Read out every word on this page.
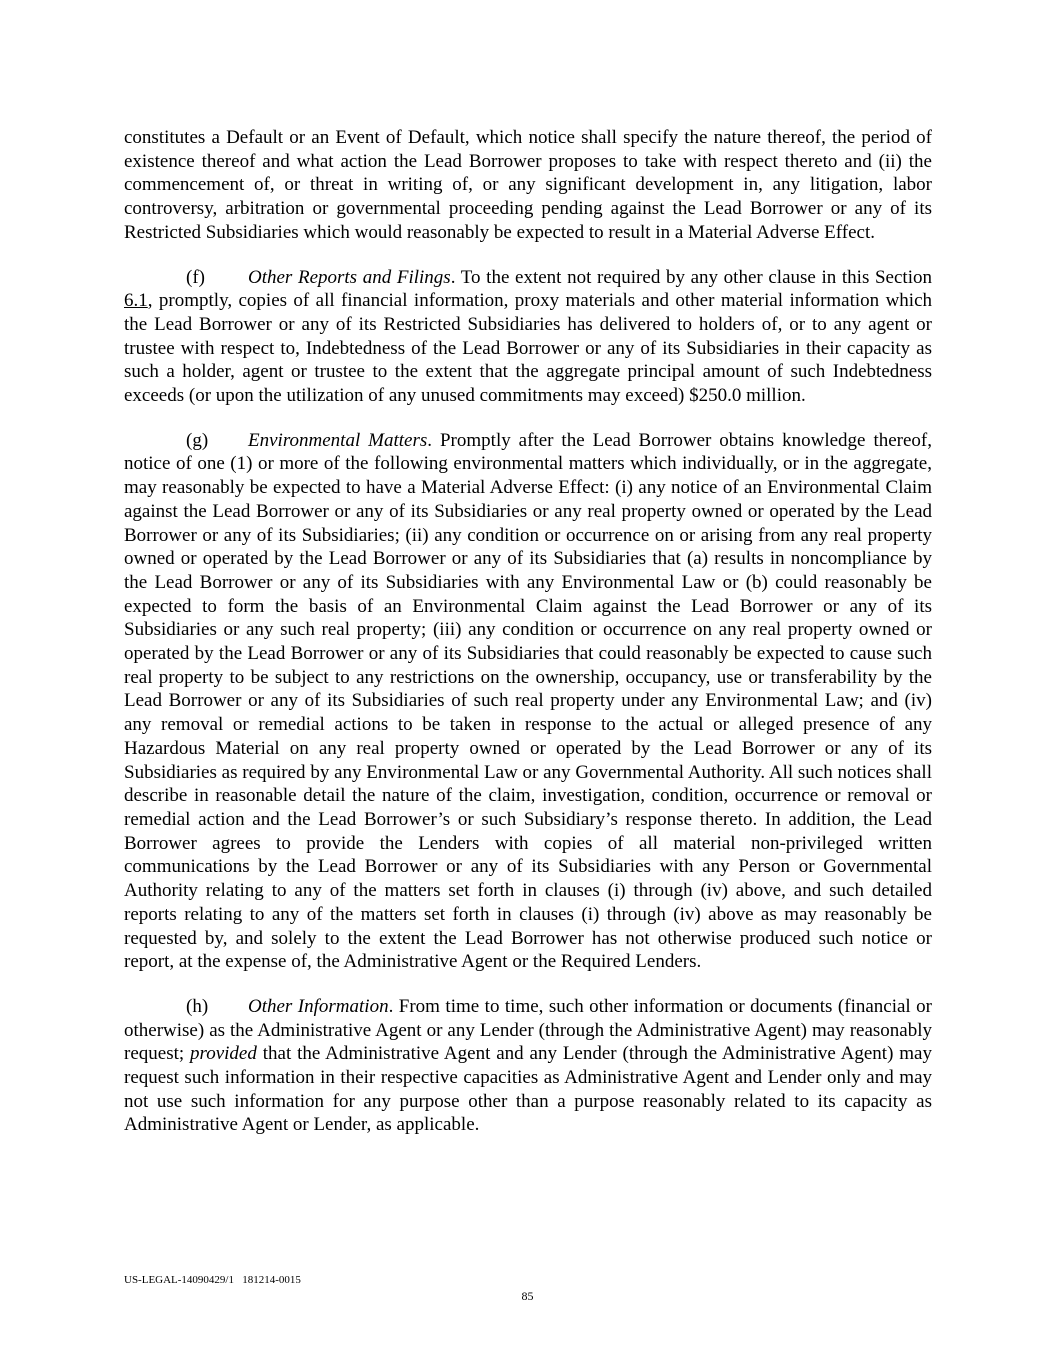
constitutes a Default or an Event of Default, which notice shall specify the nature thereof, the period of existence thereof and what action the Lead Borrower proposes to take with respect thereto and (ii) the commencement of, or threat in writing of, or any significant development in, any litigation, labor controversy, arbitration or governmental proceeding pending against the Lead Borrower or any of its Restricted Subsidiaries which would reasonably be expected to result in a Material Adverse Effect.

(f) Other Reports and Filings. To the extent not required by any other clause in this Section 6.1, promptly, copies of all financial information, proxy materials and other material information which the Lead Borrower or any of its Restricted Subsidiaries has delivered to holders of, or to any agent or trustee with respect to, Indebtedness of the Lead Borrower or any of its Subsidiaries in their capacity as such a holder, agent or trustee to the extent that the aggregate principal amount of such Indebtedness exceeds (or upon the utilization of any unused commitments may exceed) $250.0 million.

(g) Environmental Matters. Promptly after the Lead Borrower obtains knowledge thereof, notice of one (1) or more of the following environmental matters which individually, or in the aggregate, may reasonably be expected to have a Material Adverse Effect: (i) any notice of an Environmental Claim against the Lead Borrower or any of its Subsidiaries or any real property owned or operated by the Lead Borrower or any of its Subsidiaries; (ii) any condition or occurrence on or arising from any real property owned or operated by the Lead Borrower or any of its Subsidiaries that (a) results in noncompliance by the Lead Borrower or any of its Subsidiaries with any Environmental Law or (b) could reasonably be expected to form the basis of an Environmental Claim against the Lead Borrower or any of its Subsidiaries or any such real property; (iii) any condition or occurrence on any real property owned or operated by the Lead Borrower or any of its Subsidiaries that could reasonably be expected to cause such real property to be subject to any restrictions on the ownership, occupancy, use or transferability by the Lead Borrower or any of its Subsidiaries of such real property under any Environmental Law; and (iv) any removal or remedial actions to be taken in response to the actual or alleged presence of any Hazardous Material on any real property owned or operated by the Lead Borrower or any of its Subsidiaries as required by any Environmental Law or any Governmental Authority. All such notices shall describe in reasonable detail the nature of the claim, investigation, condition, occurrence or removal or remedial action and the Lead Borrower’s or such Subsidiary’s response thereto. In addition, the Lead Borrower agrees to provide the Lenders with copies of all material non-privileged written communications by the Lead Borrower or any of its Subsidiaries with any Person or Governmental Authority relating to any of the matters set forth in clauses (i) through (iv) above, and such detailed reports relating to any of the matters set forth in clauses (i) through (iv) above as may reasonably be requested by, and solely to the extent the Lead Borrower has not otherwise produced such notice or report, at the expense of, the Administrative Agent or the Required Lenders.

(h) Other Information. From time to time, such other information or documents (financial or otherwise) as the Administrative Agent or any Lender (through the Administrative Agent) may reasonably request; provided that the Administrative Agent and any Lender (through the Administrative Agent) may request such information in their respective capacities as Administrative Agent and Lender only and may not use such information for any purpose other than a purpose reasonably related to its capacity as Administrative Agent or Lender, as applicable.

US-LEGAL-14090429/1   181214-0015
85
